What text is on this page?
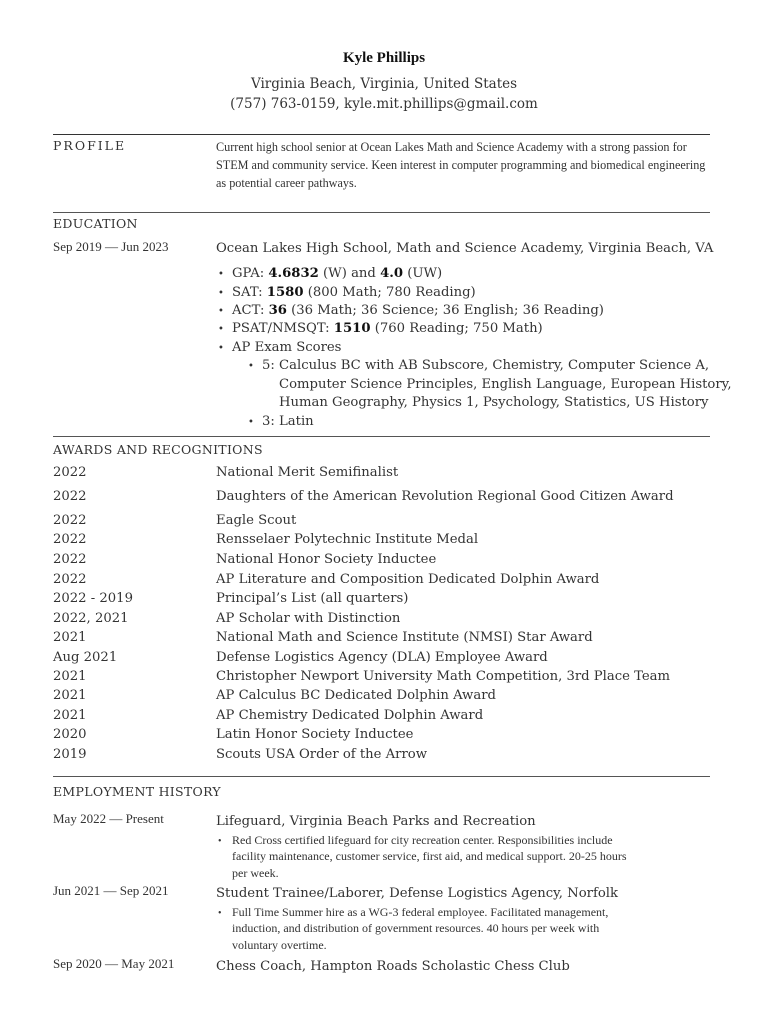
Kyle Phillips
Virginia Beach, Virginia, United States
(757) 763-0159, kyle.mit.phillips@gmail.com
PROFILE	Current high school senior at Ocean Lakes Math and Science Academy with a strong passion for STEM and community service. Keen interest in computer programming and biomedical engineering as potential career pathways.
EDUCATION
Sep 2019 — Jun 2023	Ocean Lakes High School, Math and Science Academy, Virginia Beach, VA
• GPA: 4.6832 (W) and 4.0 (UW)
• SAT: 1580 (800 Math; 780 Reading)
• ACT: 36 (36 Math; 36 Science; 36 English; 36 Reading)
• PSAT/NMSQT: 1510 (760 Reading; 750 Math)
• AP Exam Scores
• 5: Calculus BC with AB Subscore, Chemistry, Computer Science A,
Computer Science Principles, English Language, European History,
Human Geography, Physics 1, Psychology, Statistics, US History
• 3: Latin
AWARDS AND RECOGNITIONS
2022	National Merit Semifinalist
2022	Daughters of the American Revolution Regional Good Citizen Award
2022	Eagle Scout
2022	Rensselaer Polytechnic Institute Medal
2022	National Honor Society Inductee
2022	AP Literature and Composition Dedicated Dolphin Award
2022 - 2019	Principal’s List (all quarters)
2022, 2021	AP Scholar with Distinction
2021	National Math and Science Institute (NMSI) Star Award
Aug 2021	Defense Logistics Agency (DLA) Employee Award
2021	Christopher Newport University Math Competition, 3rd Place Team
2021	AP Calculus BC Dedicated Dolphin Award
2021	AP Chemistry Dedicated Dolphin Award
2020	Latin Honor Society Inductee
2019	Scouts USA Order of the Arrow
EMPLOYMENT HISTORY
May 2022 — Present	Lifeguard, Virginia Beach Parks and Recreation
• Red Cross certified lifeguard for city recreation center. Responsibilities include
facility maintenance, customer service, first aid, and medical support. 20-25 hours
per week.
Jun 2021 — Sep 2021	Student Trainee/Laborer, Defense Logistics Agency, Norfolk
• Full Time Summer hire as a WG-3 federal employee. Facilitated management,
induction, and distribution of government resources. 40 hours per week with
voluntary overtime.
Sep 2020 — May 2021	Chess Coach, Hampton Roads Scholastic Chess Club
